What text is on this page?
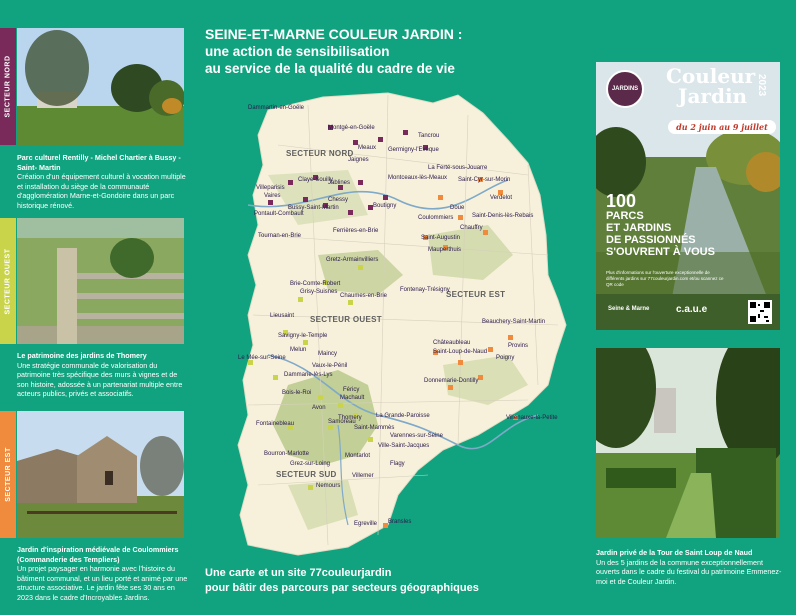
SECTEUR NORD
Parc culturel Rentilly - Michel Chartier à Bussy -Saint- Martin
Création d'un équipement culturel à vocation multiple et installation du siège de la communauté d'agglomération Marne-et-Gondoire dans un parc historique rénové.
SECTEUR OUEST
Le patrimoine des jardins de Thomery
Une stratégie communale de valorisation du patrimoine très spécifique des murs à vignes et de son histoire, adossée à un partenariat multiple entre acteurs publics, privés et associatifs.
SECTEUR EST
Jardin d'inspiration médiévale de Coulommiers (Commanderie des Templiers)
Un projet paysager en harmonie avec l'histoire du bâtiment communal, et un lieu porté et animé par une structure associative. Le jardin fête ses 30 ans en 2023 dans le cadre d'Incroyables Jardins.
SEINE-ET-MARNE COULEUR JARDIN :
une action de sensibilisation
au service de la qualité du cadre de vie
SECTEUR NORD
SECTEUR OUEST
SECTEUR EST
SECTEUR SUD
Dammartin-en-Goële
Montgé-en-Goële
Meaux Germigny-l'Evêque
Jaignes
Tancrou
La Ferté-sous-Jouarre
Saint-Cyr-sur-Morin
Villeparisis
Claye-Souilly
Jablines
Montceaux-lès-Meaux
Vaires
Bussy-Saint-Martin
Pontault-Combault
Chessy
Boutigny
Verdelot
Doue
Saint-Denis-lès-Rebais
Coulommiers
Chauffry
Saint-Augustin
Mauperthuis
Tournan-en-Brie
Gretz-Armainvilliers
Ferrières-en-Brie
Brie-Comte-Robert
Grisy-Suisnes
Chaumes-en-Brie
Fontenay-Trésigny
Beauchery-Saint-Martin
Lieusaint
Savigny-le-Temple
Melun
Le Mée-sur-Seine
Dammarie-lès-Lys
Vaux-le-Pénil
Maincy
Châteaubleau
Saint-Loup-de-Naud
Provins
Poigny
Donnemarie-Dontilly
Bois-le-Roi	Féricy
Machault
Fontainebleau
Avon
Thomery La Grande-Paroisse
Samoreau
Saint-Mammès
Varennes-sur-Seine
Ville-Saint-Jacques
Villenauxe-la-Petite
Bourron-Marlotte
Grez-sur-Loing
Montarlot
Flagy
Villemer
Nemours
Egreville Bransles
Une carte et un site 77couleurjardin
pour bâtir des parcours par secteurs géographiques
JARDINS
Couleur
Jardin 2023
du 2 juin au 9 juillet
100
PARCS
ET JARDINS
DE PASSIONNÉS
S'OUVRENT À VOUS
Plus d'informations sur l'ouverture exceptionnelle de différents jardins sur 77couleurjardin.com et/ou scannez ce QR code
Seine & Marne	c.a.u.e
Jardin privé de la Tour de Saint Loup de Naud
Un des 5 jardins de la commune exceptionnellement ouverts dans le cadre du festival du patrimoine Emmenez-moi et de Couleur Jardin.
